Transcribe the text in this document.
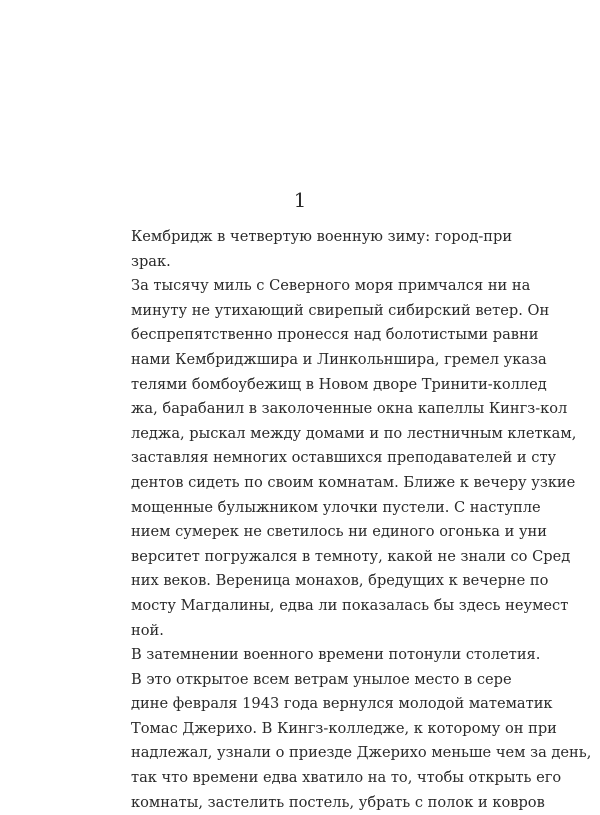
1
Кембридж в четвертую военную зиму: город-при
зрак.
За тысячу миль с Северного моря примчался ни на
минуту не утихающий свирепый сибирский ветер. Он
беспрепятственно пронесся над болотистыми равни
нами Кембриджшира и Линкольншира, гремел указа
телями бомбоубежищ в Новом дворе Тринити-коллед
жа, барабанил в заколоченные окна капеллы Кингз-кол
леджа, рыскал между домами и по лестничным клеткам,
заставляя немногих оставшихся преподавателей и сту
дентов сидеть по своим комнатам. Ближе к вечеру узкие
мощенные булыжником улочки пустели. С наступле
нием сумерек не светилось ни единого огонька и уни
верситет погружался в темноту, какой не знали со Сред
них веков. Вереница монахов, бредущих к вечерне по
мосту Магдалины, едва ли показалась бы здесь неумест
ной.
В затемнении военного времени потонули столетия.
В это открытое всем ветрам унылое место в сере
дине февраля 1943 года вернулся молодой математик
Томас Джерихо. В Кингз-колледже, к которому он при
надлежал, узнали о приезде Джерихо меньше чем за день,
так что времени едва хватило на то, чтобы открыть его
комнаты, застелить постель, убрать с полок и ковров
